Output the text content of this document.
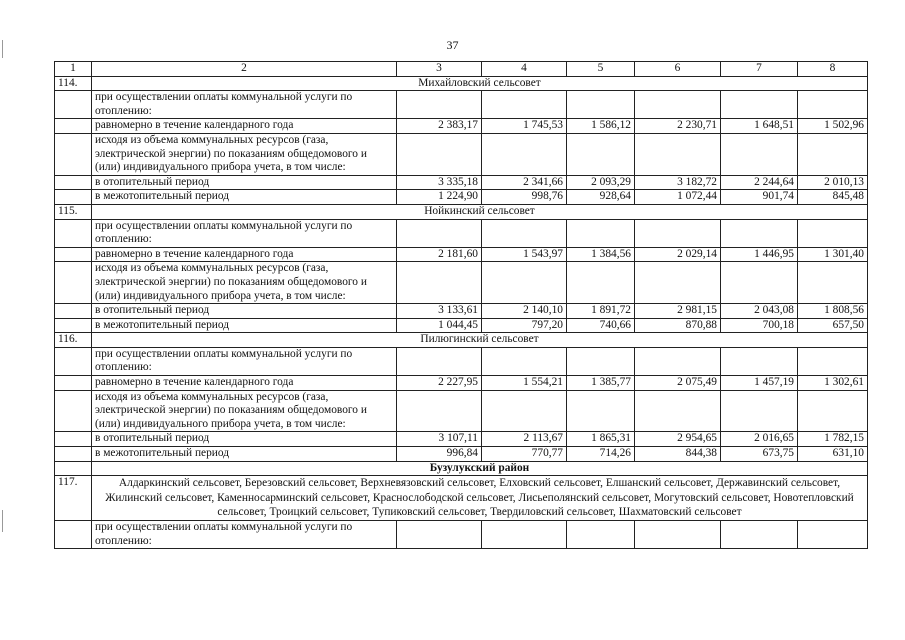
37
1	2	3	4	5	6	7	8
114.	Михайловский сельсовет						
	при осуществлении оплаты коммунальной услуги по отоплению:						
	равномерно в течение календарного года	2 383,17	1 745,53	1 586,12	2 230,71	1 648,51	1 502,96
	исходя из объема коммунальных ресурсов (газа, электрической энергии) по показаниям общедомового и (или) индивидуального прибора учета, в том числе:						
	в отопительный период	3 335,18	2 341,66	2 093,29	3 182,72	2 244,64	2 010,13
	в межотопительный период	1 224,90	998,76	928,64	1 072,44	901,74	845,48
115.	Нойкинский сельсовет						
	при осуществлении оплаты коммунальной услуги по отоплению:						
	равномерно в течение календарного года	2 181,60	1 543,97	1 384,56	2 029,14	1 446,95	1 301,40
	исходя из объема коммунальных ресурсов (газа, электрической энергии) по показаниям общедомового и (или) индивидуального прибора учета, в том числе:						
	в отопительный период	3 133,61	2 140,10	1 891,72	2 981,15	2 043,08	1 808,56
	в межотопительный период	1 044,45	797,20	740,66	870,88	700,18	657,50
116.	Пилюгинский сельсовет						
	при осуществлении оплаты коммунальной услуги по отоплению:						
	равномерно в течение календарного года	2 227,95	1 554,21	1 385,77	2 075,49	1 457,19	1 302,61
	исходя из объема коммунальных ресурсов (газа, электрической энергии) по показаниям общедомового и (или) индивидуального прибора учета, в том числе:						
	в отопительный период	3 107,11	2 113,67	1 865,31	2 954,65	2 016,65	1 782,15
	в межотопительный период	996,84	770,77	714,26	844,38	673,75	631,10
	Бузулукский район						
117.	Алдаркинский сельсовет, Березовский сельсовет, Верхневязовский сельсовет, Елховский сельсовет, Елшанский сельсовет, Державинский сельсовет, Жилинский сельсовет, Каменносарминский сельсовет, Краснослободской сельсовет, Лисьеполянский сельсовет, Могутовский сельсовет, Новотепловский сельсовет, Троицкий сельсовет, Тупиковский сельсовет, Твердиловский сельсовет, Шахматовский сельсовет						
	при осуществлении оплаты коммунальной услуги по отоплению:						
